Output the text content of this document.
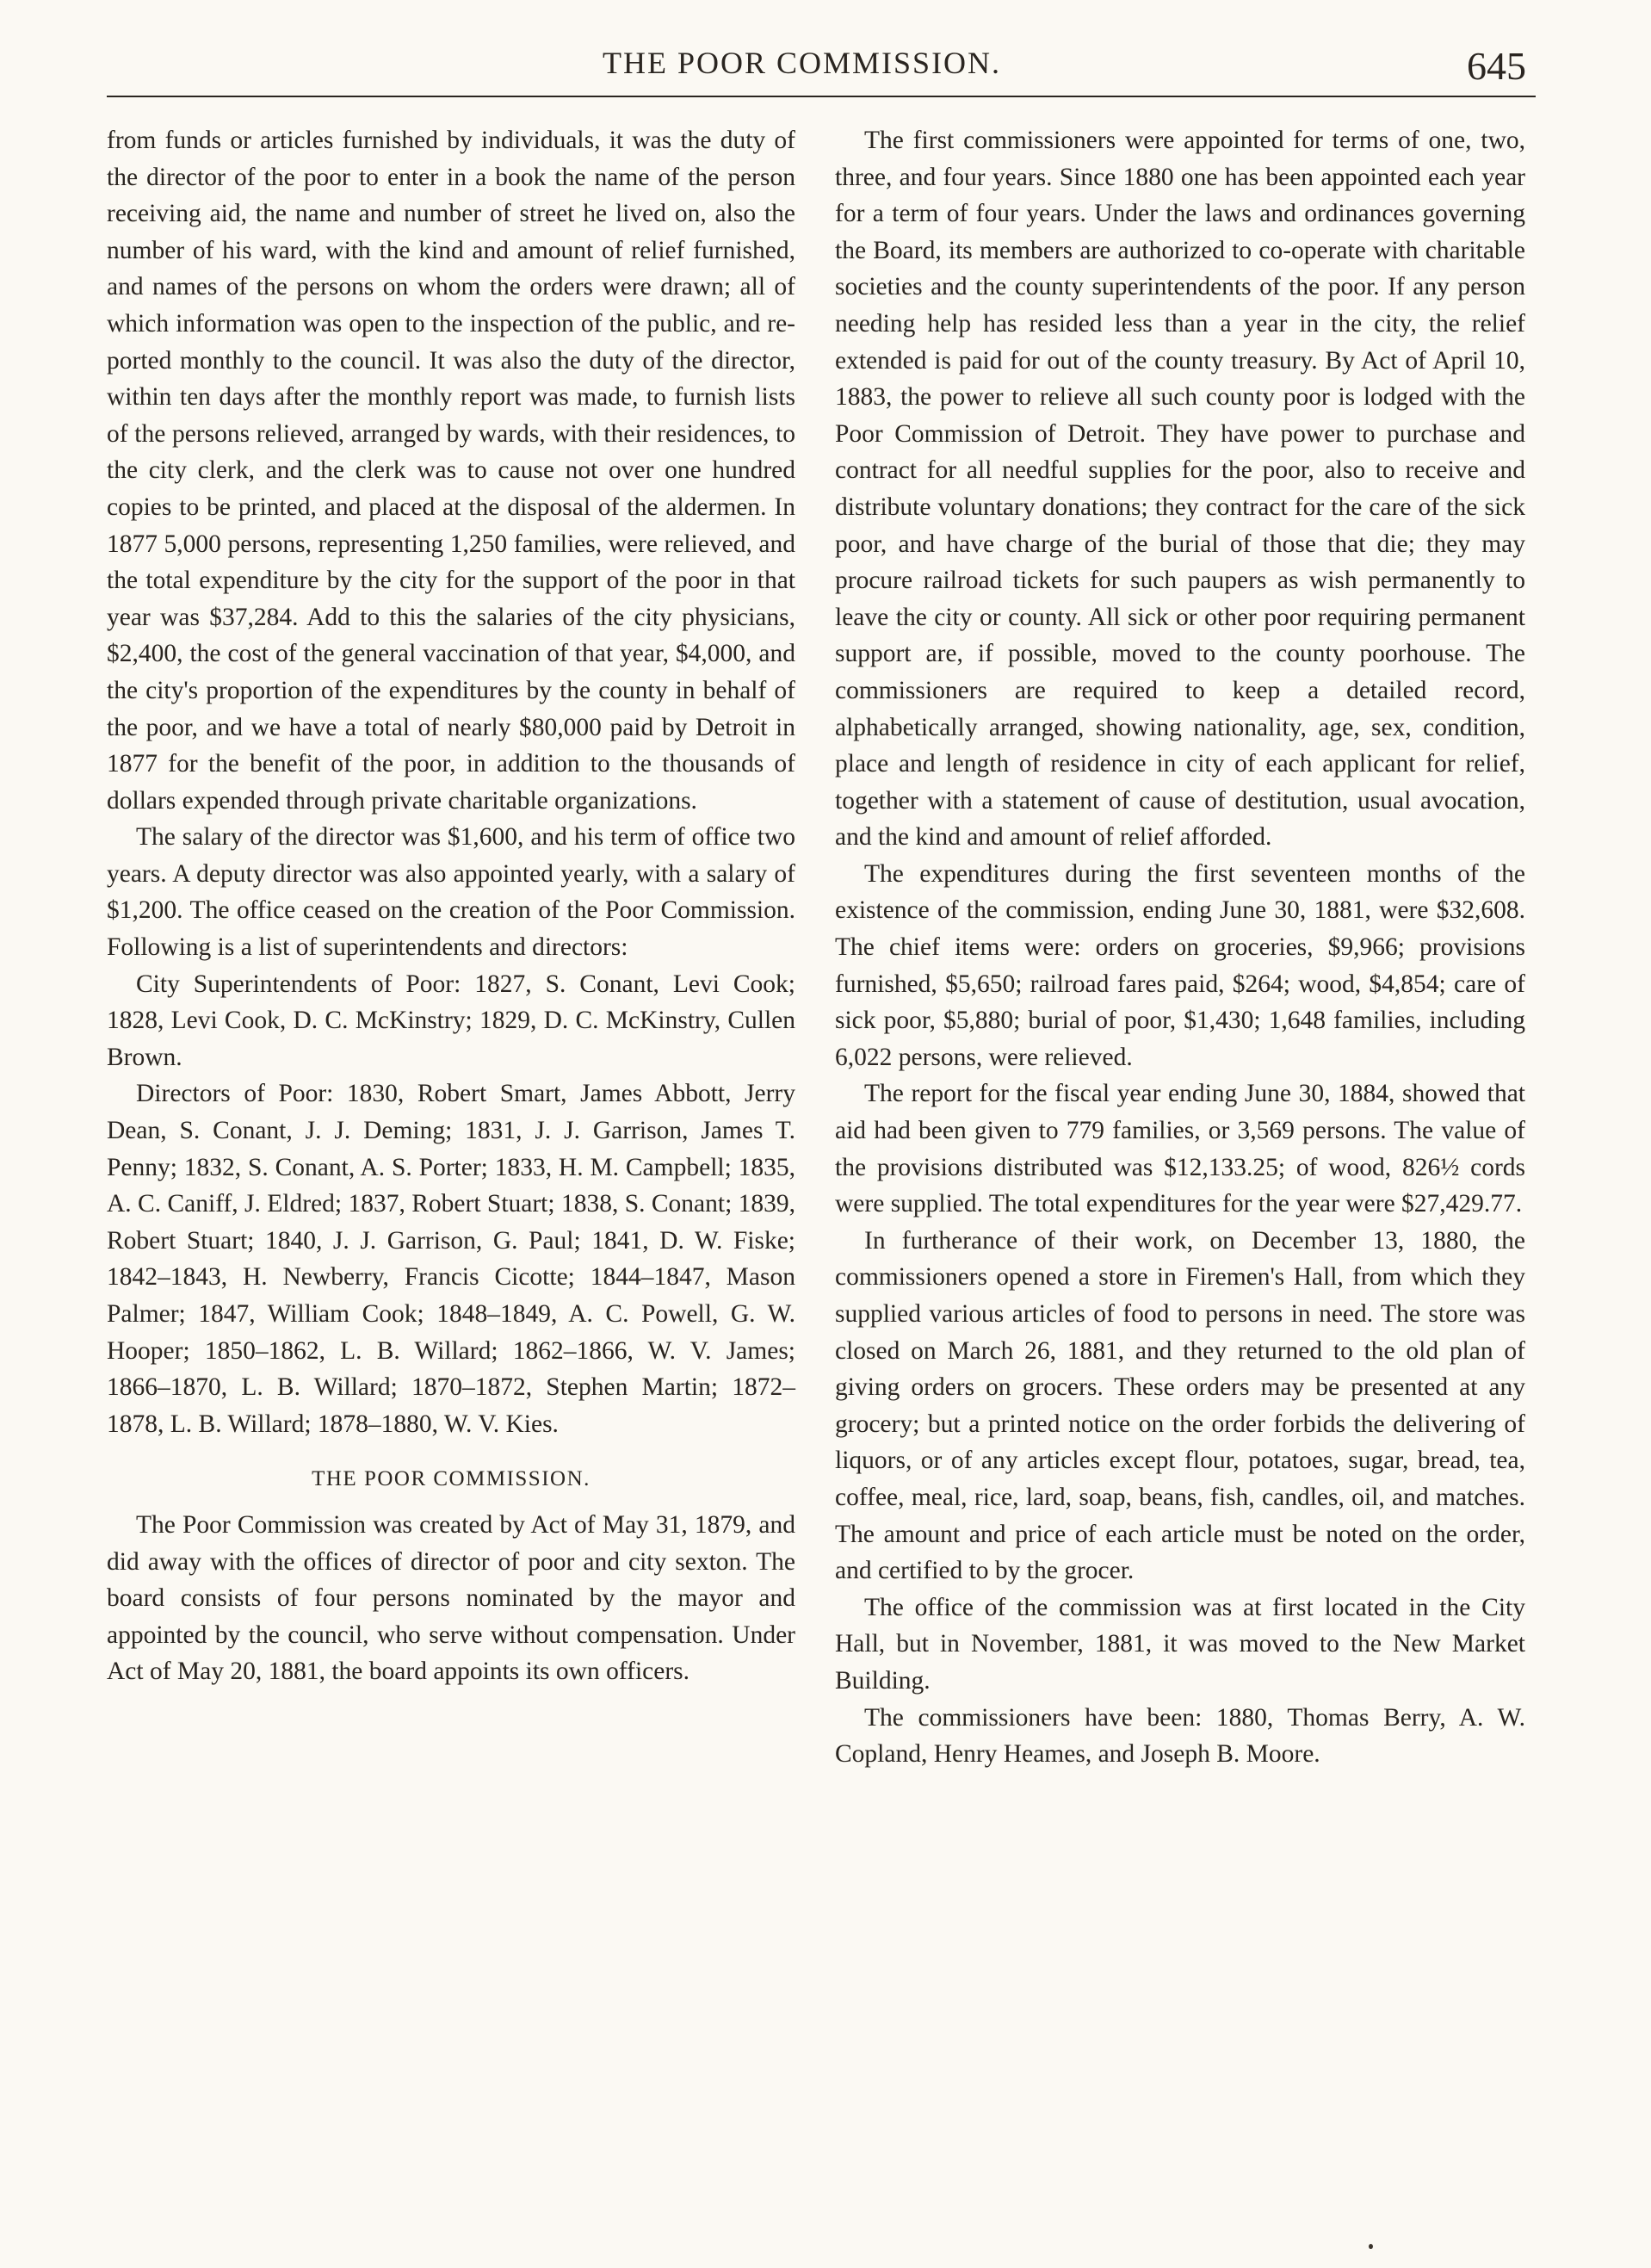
THE POOR COMMISSION.	645

from funds or articles furnished by individuals, it was the duty of the director of the poor to enter in a book the name of the person receiving aid, the name and number of street he lived on, also the number of his ward, with the kind and amount of relief furnished, and names of the persons on whom the orders were drawn; all of which information was open to the inspection of the public, and reported monthly to the council. It was also the duty of the director, within ten days after the monthly report was made, to furnish lists of the persons relieved, arranged by wards, with their residences, to the city clerk, and the clerk was to cause not over one hundred copies to be printed, and placed at the disposal of the aldermen. In 1877 5,000 persons, representing 1,250 families, were relieved, and the total expenditure by the city for the support of the poor in that year was $37,284. Add to this the salaries of the city physicians, $2,400, the cost of the general vaccination of that year, $4,000, and the city's proportion of the expenditures by the county in behalf of the poor, and we have a total of nearly $80,000 paid by Detroit in 1877 for the benefit of the poor, in addition to the thousands of dollars expended through private charitable organizations.

The salary of the director was $1,600, and his term of office two years. A deputy director was also appointed yearly, with a salary of $1,200. The office ceased on the creation of the Poor Commission. Following is a list of superintendents and directors:

City Superintendents of Poor: 1827, S. Conant, Levi Cook; 1828, Levi Cook, D. C. McKinstry; 1829, D. C. McKinstry, Cullen Brown.

Directors of Poor: 1830, Robert Smart, James Abbott, Jerry Dean, S. Conant, J. J. Deming; 1831, J. J. Garrison, James T. Penny; 1832, S. Conant, A. S. Porter; 1833, H. M. Campbell; 1835, A. C. Caniff, J. Eldred; 1837, Robert Stuart; 1838, S. Conant; 1839, Robert Stuart; 1840, J. J. Garrison, G. Paul; 1841, D. W. Fiske; 1842–1843, H. Newberry, Francis Cicotte; 1844–1847, Mason Palmer; 1847, William Cook; 1848–1849, A. C. Powell, G. W. Hooper; 1850–1862, L. B. Willard; 1862–1866, W. V. James; 1866–1870, L. B. Willard; 1870–1872, Stephen Martin; 1872–1878, L. B. Willard; 1878–1880, W. V. Kies.

THE POOR COMMISSION.

The Poor Commission was created by Act of May 31, 1879, and did away with the offices of director of poor and city sexton. The board consists of four persons nominated by the mayor and appointed by the council, who serve without compensation. Under Act of May 20, 1881, the board appoints its own officers.

The first commissioners were appointed for terms of one, two, three, and four years. Since 1880 one has been appointed each year for a term of four years. Under the laws and ordinances governing the Board, its members are authorized to co-operate with charitable societies and the county superintendents of the poor. If any person needing help has resided less than a year in the city, the relief extended is paid for out of the county treasury. By Act of April 10, 1883, the power to relieve all such county poor is lodged with the Poor Commission of Detroit. They have power to purchase and contract for all needful supplies for the poor, also to receive and distribute voluntary donations; they contract for the care of the sick poor, and have charge of the burial of those that die; they may procure railroad tickets for such paupers as wish permanently to leave the city or county. All sick or other poor requiring permanent support are, if possible, moved to the county poorhouse. The commissioners are required to keep a detailed record, alphabetically arranged, showing nationality, age, sex, condition, place and length of residence in city of each applicant for relief, together with a statement of cause of destitution, usual avocation, and the kind and amount of relief afforded.

The expenditures during the first seventeen months of the existence of the commission, ending June 30, 1881, were $32,608. The chief items were: orders on groceries, $9,966; provisions furnished, $5,650; railroad fares paid, $264; wood, $4,854; care of sick poor, $5,880; burial of poor, $1,430; 1,648 families, including 6,022 persons, were relieved.

The report for the fiscal year ending June 30, 1884, showed that aid had been given to 779 families, or 3,569 persons. The value of the provisions distributed was $12,133.25; of wood, 826½ cords were supplied. The total expenditures for the year were $27,429.77.

In furtherance of their work, on December 13, 1880, the commissioners opened a store in Firemen's Hall, from which they supplied various articles of food to persons in need. The store was closed on March 26, 1881, and they returned to the old plan of giving orders on grocers. These orders may be presented at any grocery; but a printed notice on the order forbids the delivering of liquors, or of any articles except flour, potatoes, sugar, bread, tea, coffee, meal, rice, lard, soap, beans, fish, candles, oil, and matches. The amount and price of each article must be noted on the order, and certified to by the grocer.

The office of the commission was at first located in the City Hall, but in November, 1881, it was moved to the New Market Building.

The commissioners have been: 1880, Thomas Berry, A. W. Copland, Henry Heames, and Joseph B. Moore.
